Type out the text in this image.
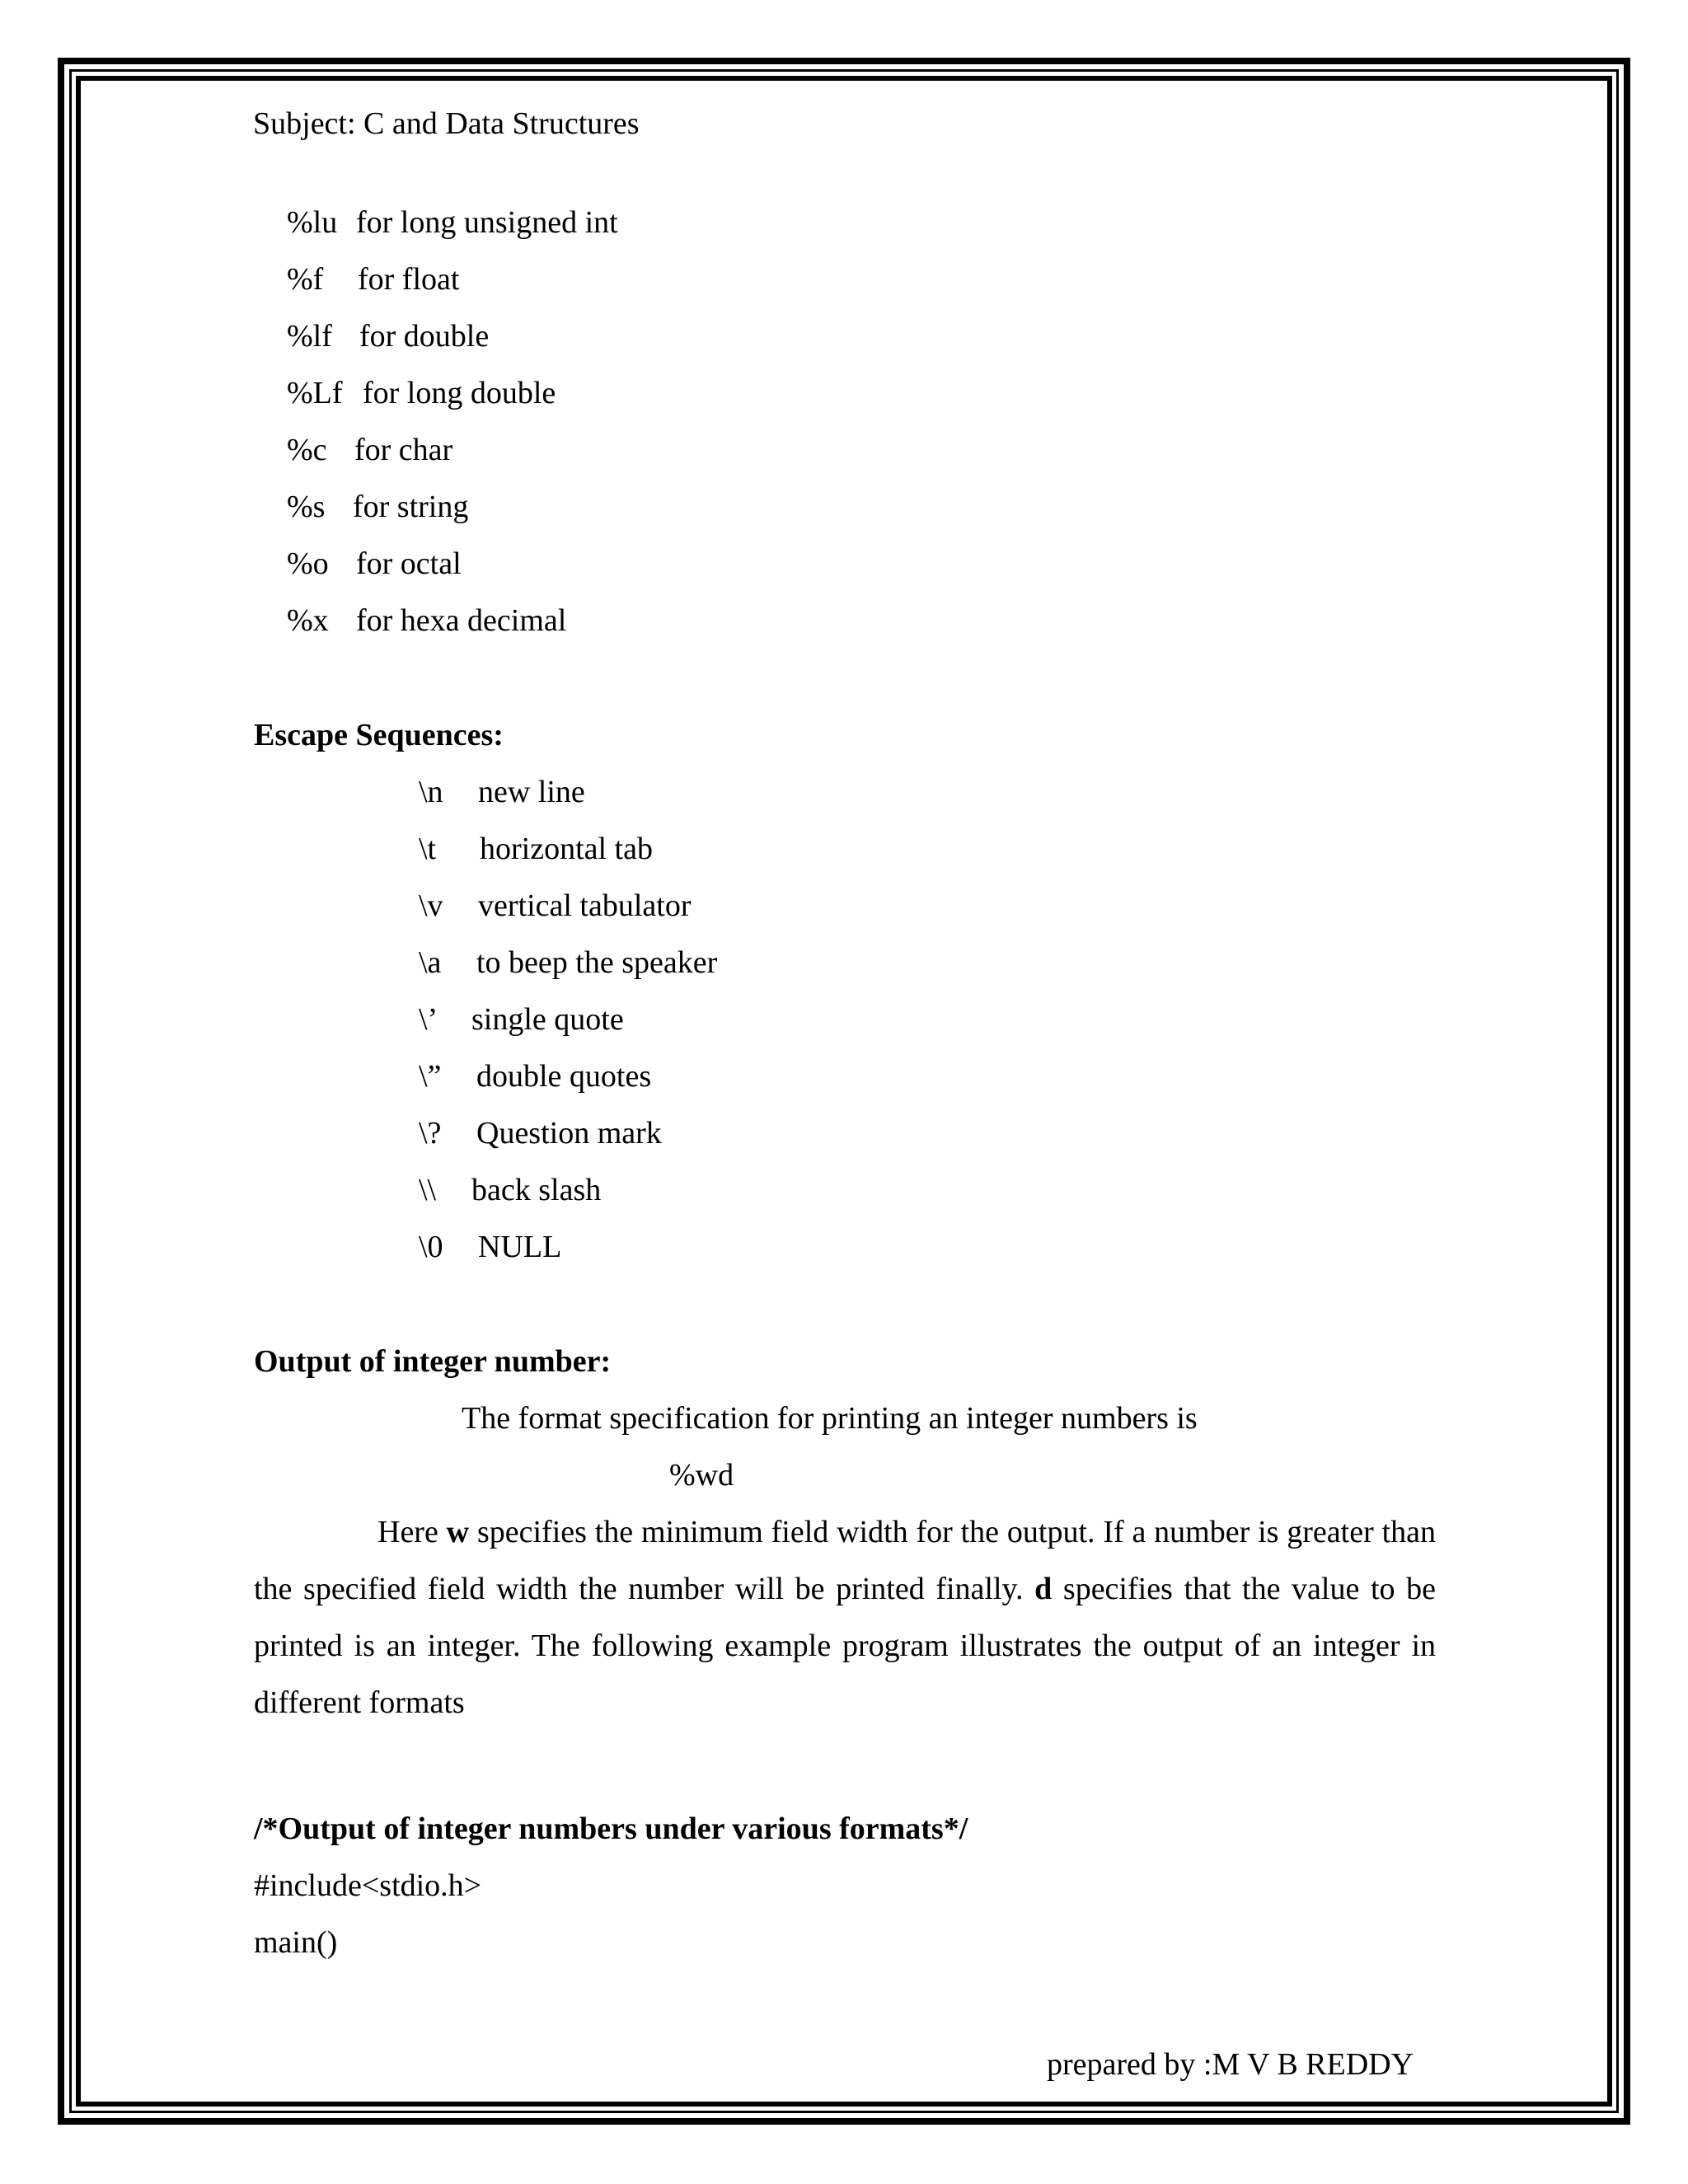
Subject: C and Data Structures
%lu for long unsigned int
%f for float
%lf for double
%Lf for long double
%c for char
%s for string
%o for octal
%x for hexa decimal
Escape Sequences:
\n new line
\t horizontal tab
\v vertical tabulator
\a to beep the speaker
\’ single quote
\” double quotes
\? Question mark
\\ back slash
\0 NULL
Output of integer number:
The format specification for printing an integer numbers is
%wd
Here w specifies the minimum field width for the output. If a number is greater than the specified field width the number will be printed finally. d specifies that the value to be printed is an integer. The following example program illustrates the output of an integer in different formats
/*Output of integer numbers under various formats*/
#include<stdio.h>
main()
prepared by :M V B REDDY
